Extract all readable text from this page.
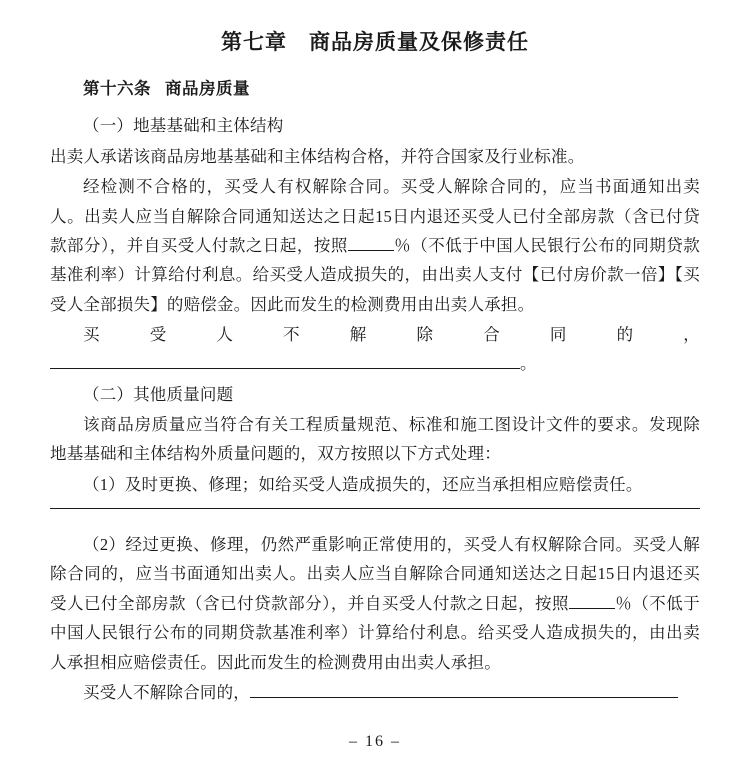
第七章 商品房质量及保修责任
第十六条 商品房质量

（一）地基基础和主体结构

出卖人承诺该商品房地基基础和主体结构合格，并符合国家及行业标准。

经检测不合格的，买受人有权解除合同。买受人解除合同的，应当书面通知出卖人。出卖人应当自解除合同通知送达之日起15日内退还买受人已付全部房款（含已付贷款部分），并自买受人付款之日起，按照	％（不低于中国人民银行公布的同期贷款基准利率）计算给付利息。给买受人造成损失的，由出卖人支付【已付房价款一倍】【买受人全部损失】的赔偿金。因此而发生的检测费用由出卖人承担。

买受人不解除合同的，。

（二）其他质量问题

该商品房质量应当符合有关工程质量规范、标准和施工图设计文件的要求。发现除地基基础和主体结构外质量问题的，双方按照以下方式处理：

（1）及时更换、修理；如给买受人造成损失的，还应当承担相应赔偿责任。

（2）经过更换、修理，仍然严重影响正常使用的，买受人有权解除合同。买受人解除合同的，应当书面通知出卖人。出卖人应当自解除合同通知送达之日起15日内退还买受人已付全部房款（含已付贷款部分），并自买受人付款之日起，按照	％（不低于中国人民银行公布的同期贷款基准利率）计算给付利息。给买受人造成损失的，由出卖人承担相应赔偿责任。因此而发生的检测费用由出卖人承担。

买受人不解除合同的，

– 16 –
